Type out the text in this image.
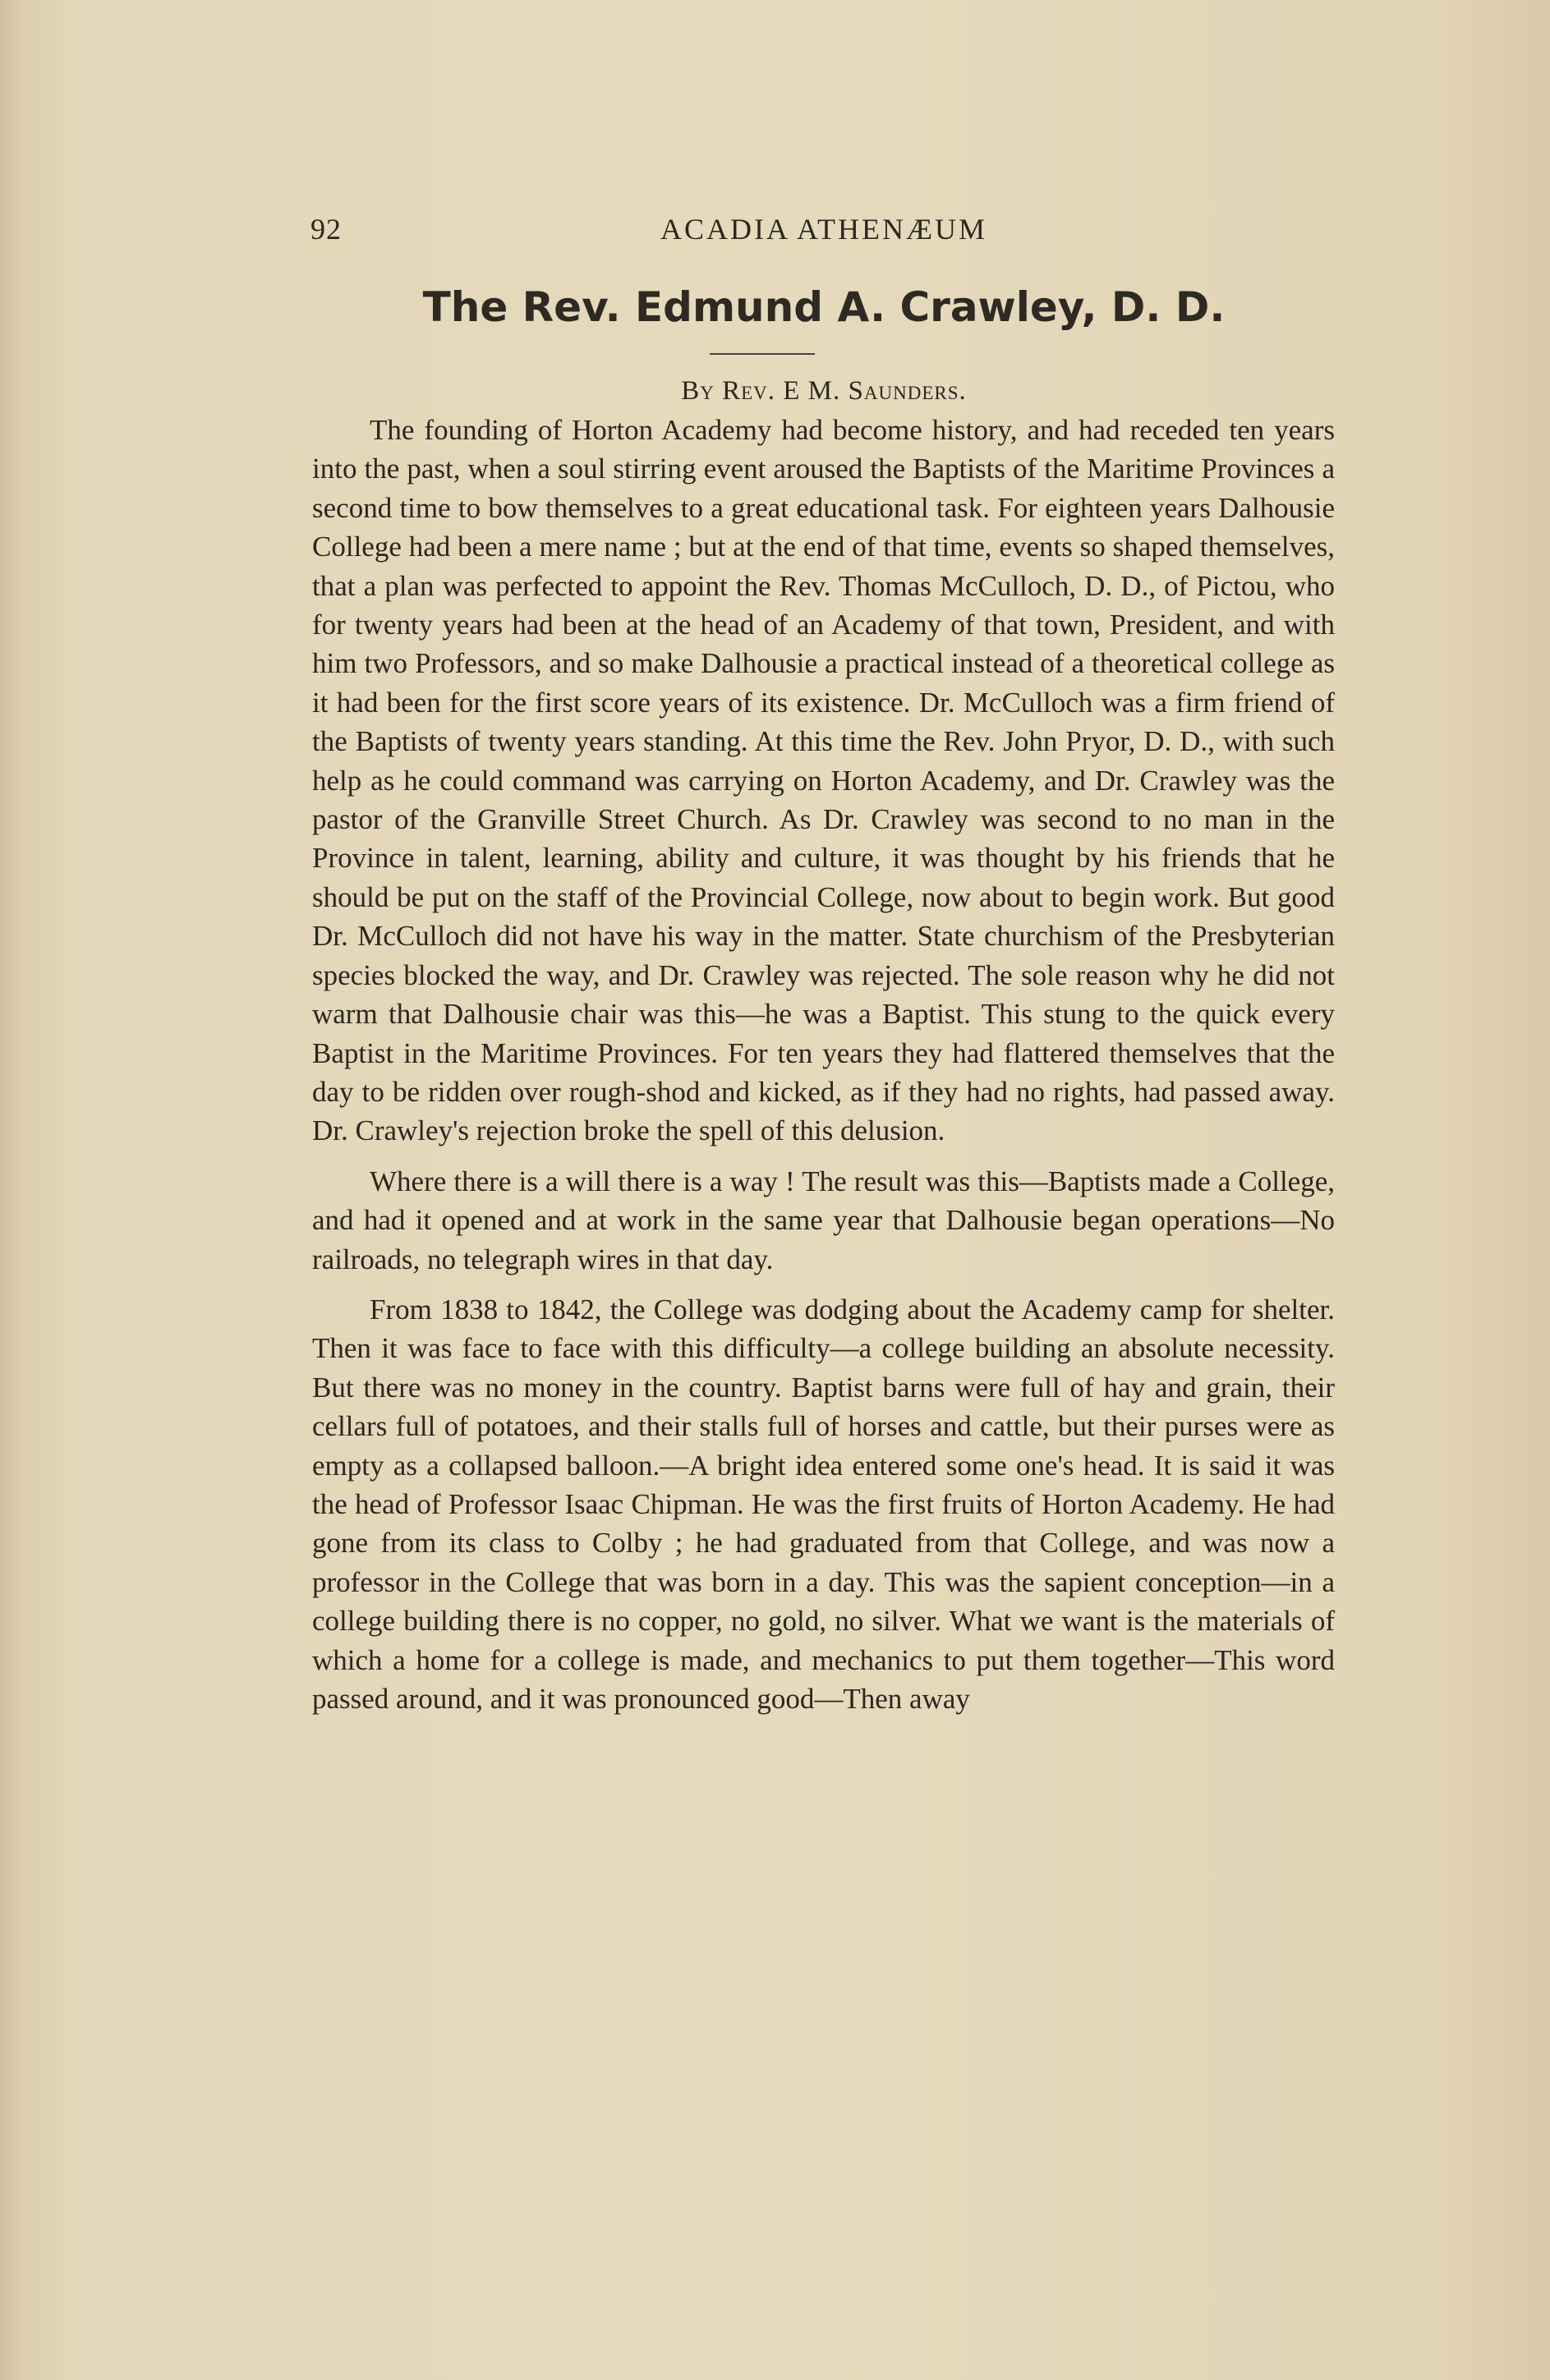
92	ACADIA ATHENÆUM
The Rev. Edmund A. Crawley, D. D.
By Rev. E M. Saunders.

The founding of Horton Academy had become history, and had receded ten years into the past, when a soul stirring event aroused the Baptists of the Maritime Provinces a second time to bow themselves to a great educational task. For eighteen years Dalhousie College had been a mere name ; but at the end of that time, events so shaped themselves, that a plan was perfected to appoint the Rev. Thomas McCulloch, D. D., of Pictou, who for twenty years had been at the head of an Academy of that town, President, and with him two Professors, and so make Dalhousie a practical instead of a theoretical college as it had been for the first score years of its existence. Dr. McCulloch was a firm friend of the Baptists of twenty years standing. At this time the Rev. John Pryor, D. D., with such help as he could command was carrying on Horton Academy, and Dr. Crawley was the pastor of the Granville Street Church. As Dr. Crawley was second to no man in the Province in talent, learning, ability and culture, it was thought by his friends that he should be put on the staff of the Provincial College, now about to begin work. But good Dr. McCulloch did not have his way in the matter. State churchism of the Presbyterian species blocked the way, and Dr. Crawley was rejected. The sole reason why he did not warm that Dalhousie chair was this—he was a Baptist. This stung to the quick every Baptist in the Maritime Provinces. For ten years they had flattered themselves that the day to be ridden over rough-shod and kicked, as if they had no rights, had passed away. Dr. Crawley's rejection broke the spell of this delusion.

Where there is a will there is a way ! The result was this—Baptists made a College, and had it opened and at work in the same year that Dalhousie began operations—No railroads, no telegraph wires in that day.

From 1838 to 1842, the College was dodging about the Academy camp for shelter. Then it was face to face with this difficulty—a college building an absolute necessity. But there was no money in the country. Baptist barns were full of hay and grain, their cellars full of potatoes, and their stalls full of horses and cattle, but their purses were as empty as a collapsed balloon.—A bright idea entered some one's head. It is said it was the head of Professor Isaac Chipman. He was the first fruits of Horton Academy. He had gone from its class to Colby ; he had graduated from that College, and was now a professor in the College that was born in a day. This was the sapient conception—in a college building there is no copper, no gold, no silver. What we want is the materials of which a home for a college is made, and mechanics to put them together—This word passed around, and it was pronounced good—Then away
